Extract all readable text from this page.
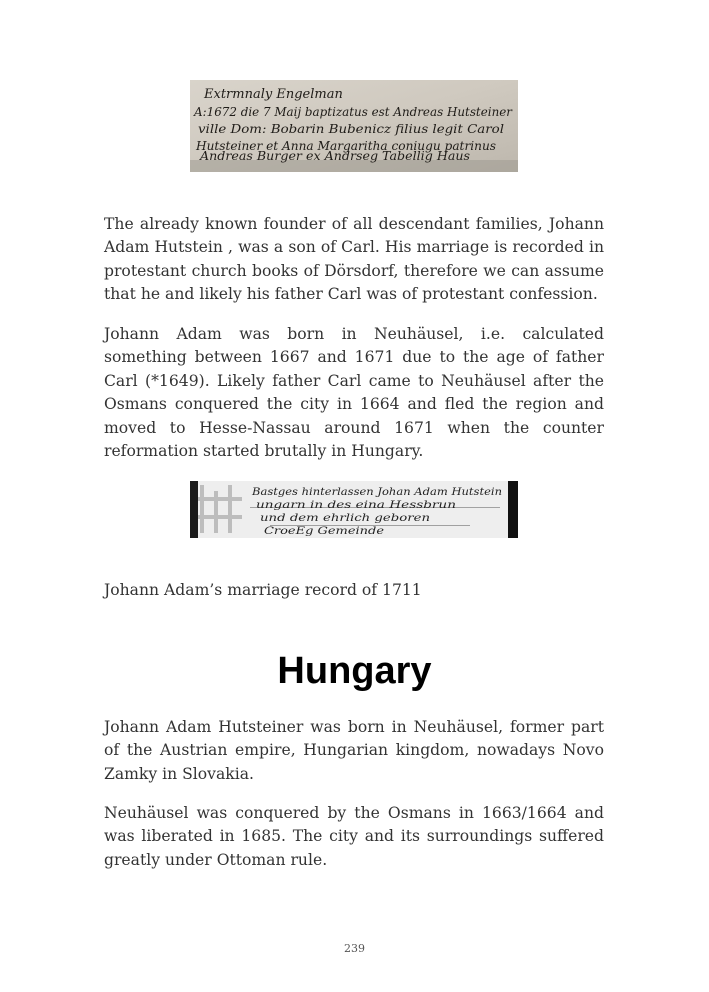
Extrmnaly Engelman
A:1672 die 7 Maij baptizatus est Andreas Hutsteiner
ville Dom: Bobarin Bubenicz filius legit Carol
Hutsteiner et Anna Margaritha coniugu patrinus
Andreas Burger ex Andrseg Tabellig Haus

The already known founder of all descendant families, Johann Adam Hutstein , was a son of Carl. His marriage is recorded in protestant church books of Dörsdorf, therefore we can assume that he and likely his father Carl was of protestant confession.

Johann Adam was born in Neuhäusel, i.e. calculated something between 1667 and 1671 due to the age of father Carl (*1649). Likely father Carl came to Neuhäusel after the Osmans conquered the city in 1664 and fled the region and moved to Hesse-Nassau around 1671 when the counter reformation started brutally in Hungary.

Bastges hinterlassen Johan Adam Hutstein
ungarn in des eina Hessbrun
und dem ehrlich geboren
CroeEg Gemeinde

Johann Adam’s marriage record of 1711

Hungary

Johann Adam Hutsteiner was born in Neuhäusel, former part of the Austrian empire, Hungarian kingdom, nowadays Novo Zamky in Slovakia.

Neuhäusel was conquered by the Osmans in 1663/1664 and was liberated in 1685. The city and its surroundings suffered greatly under Ottoman rule.

239
